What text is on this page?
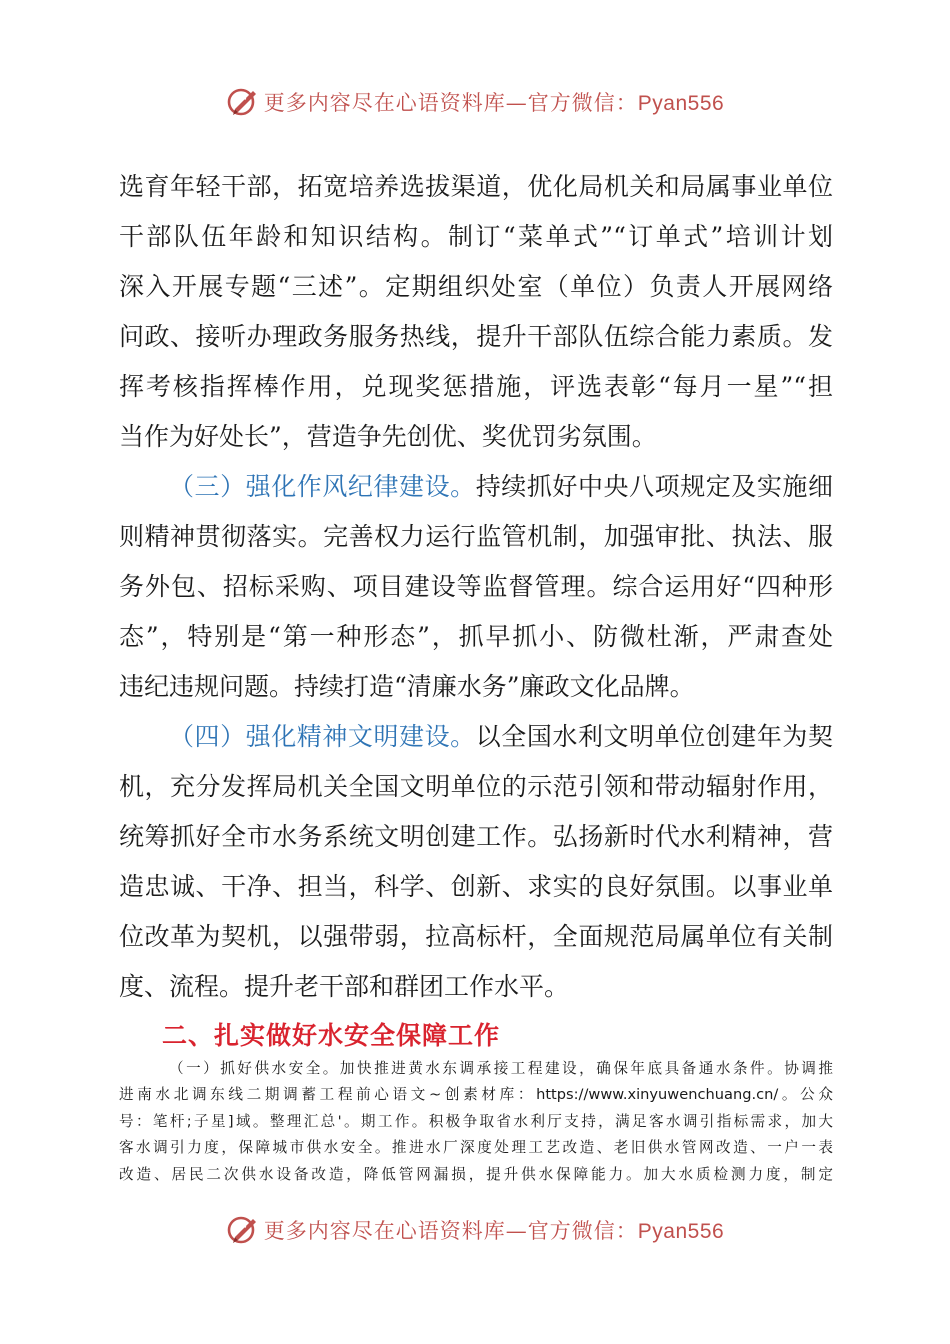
更多内容尽在心语资料库—官方微信：Pyan556
选育年轻干部，拓宽培养选拔渠道，优化局机关和局属事业单位
干部队伍年龄和知识结构。制订“菜单式”“订单式”培训计划
深入开展专题“三述”。定期组织处室（单位）负责人开展网络
问政、接听办理政务服务热线，提升干部队伍综合能力素质。发
挥考核指挥棒作用，兑现奖惩措施，评选表彰“每月一星”“担
当作为好处长”，营造争先创优、奖优罚劣氛围。
（三）强化作风纪律建设。持续抓好中央八项规定及实施细
则精神贯彻落实。完善权力运行监管机制，加强审批、执法、服
务外包、招标采购、项目建设等监督管理。综合运用好“四种形
态”，特别是“第一种形态”，抓早抓小、防微杜渐，严肃查处
违纪违规问题。持续打造“清廉水务”廉政文化品牌。
（四）强化精神文明建设。以全国水利文明单位创建年为契
机，充分发挥局机关全国文明单位的示范引领和带动辐射作用，
统筹抓好全市水务系统文明创建工作。弘扬新时代水利精神，营
造忠诚、干净、担当，科学、创新、求实的良好氛围。以事业单
位改革为契机，以强带弱，拉高标杆，全面规范局属单位有关制
度、流程。提升老干部和群团工作水平。
二、扎实做好水安全保障工作
（一）抓好供水安全。加快推进黄水东调承接工程建设，确保年底具备通水条件。协调推
进南水北调东线二期调蓄工程前心语文~创素材库：https://www.xinyuwenchuang.cn/。公众
号：笔杆;子星]域。整理汇总'。期工作。积极争取省水利厅支持，满足客水调引指标需求，加大
客水调引力度，保障城市供水安全。推进水厂深度处理工艺改造、老旧供水管网改造、一户一表
改造、居民二次供水设备改造，降低管网漏损，提升供水保障能力。加大水质检测力度，制定
更多内容尽在心语资料库—官方微信：Pyan556
